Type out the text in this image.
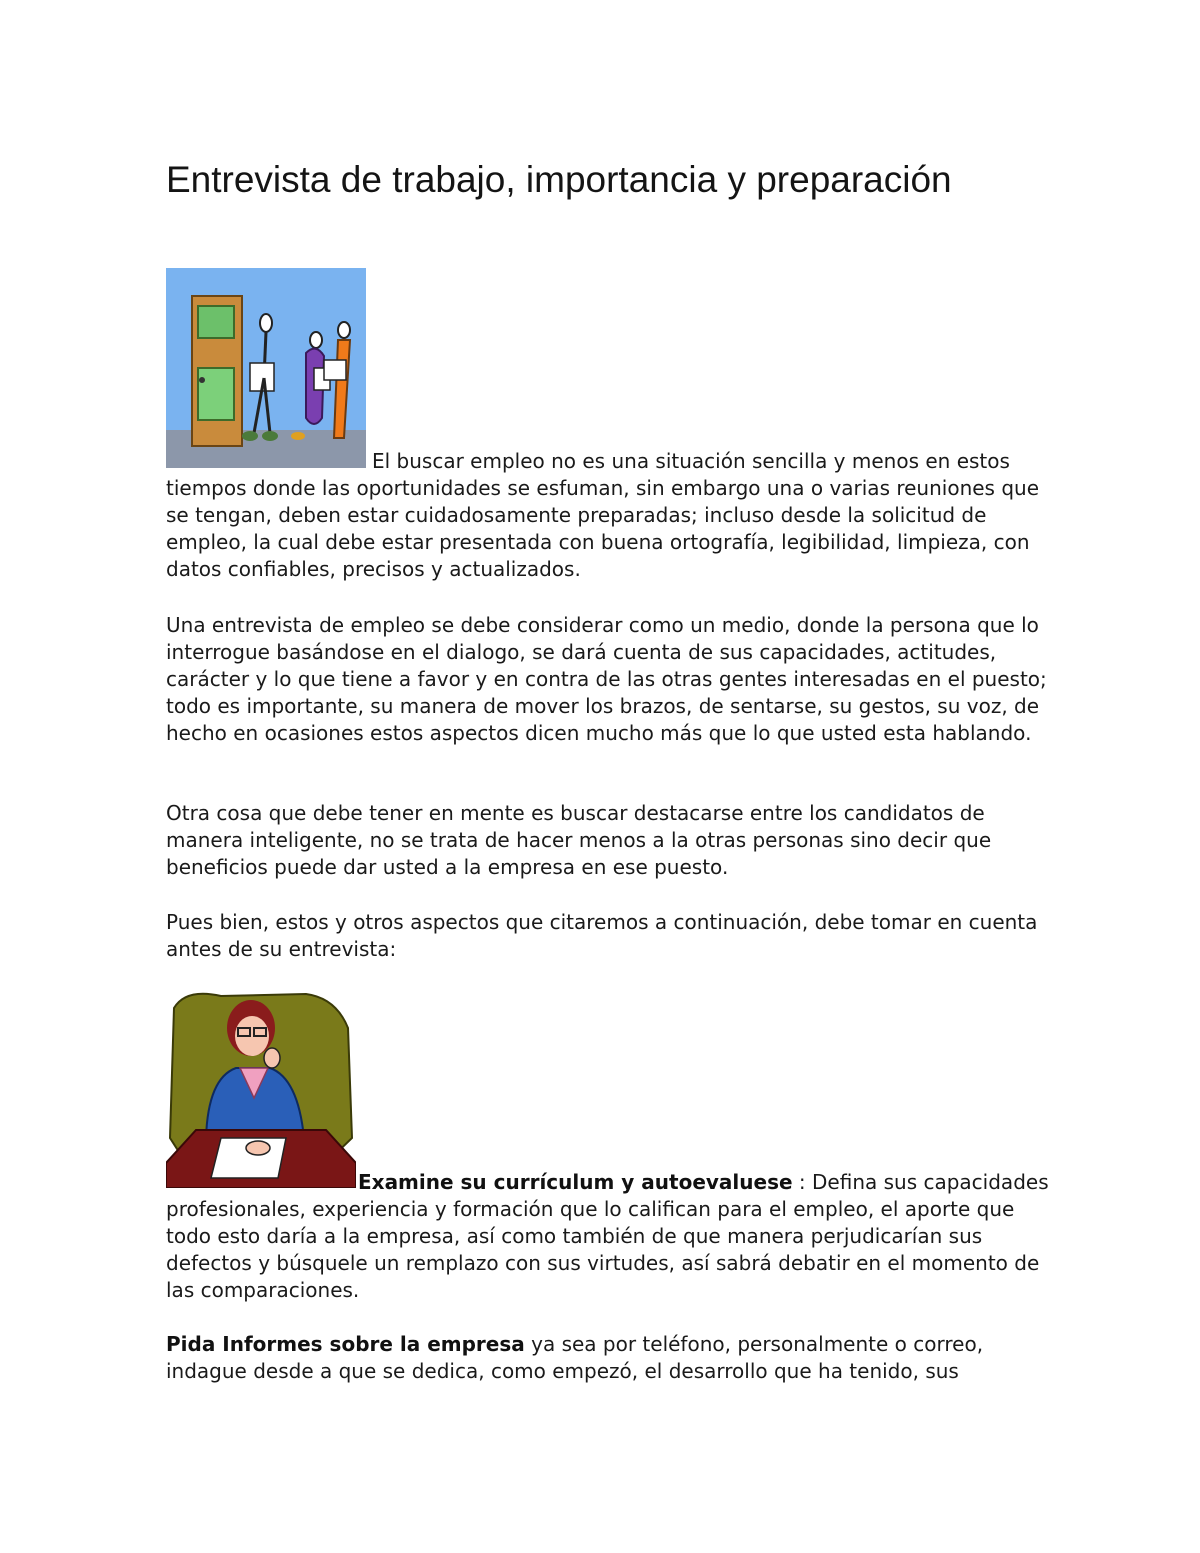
Entrevista de trabajo, importancia y preparación

El buscar empleo no es una situación sencilla y menos en estos tiempos donde las oportunidades se esfuman, sin embargo una o varias reuniones que se tengan, deben estar cuidadosamente preparadas; incluso desde la solicitud de empleo, la cual debe estar presentada con buena ortografía, legibilidad, limpieza, con datos confiables, precisos y actualizados.

Una entrevista de empleo se debe considerar como un medio, donde la persona que lo interrogue basándose en el dialogo, se dará cuenta de sus capacidades, actitudes, carácter y lo que tiene a favor y en contra de las otras gentes interesadas en el puesto; todo es importante, su manera de mover los brazos, de sentarse, su gestos, su voz, de hecho en ocasiones estos aspectos dicen mucho más que lo que usted esta hablando.

Otra cosa que debe tener en mente es buscar destacarse entre los candidatos de manera inteligente, no se trata de hacer menos a la otras personas sino decir que beneficios puede dar usted a la empresa en ese puesto.

Pues bien, estos y otros aspectos que citaremos a continuación, debe tomar en cuenta antes de su entrevista:

Examine su currículum y autoevaluese : Defina sus capacidades profesionales, experiencia y formación que lo califican para el empleo, el aporte que todo esto daría a la empresa, así como también de que manera perjudicarían sus defectos y búsquele un remplazo con sus virtudes, así sabrá debatir en el momento de las comparaciones.

Pida Informes sobre la empresa ya sea por teléfono, personalmente o correo, indague desde a que se dedica, como empezó, el desarrollo que ha tenido, sus
